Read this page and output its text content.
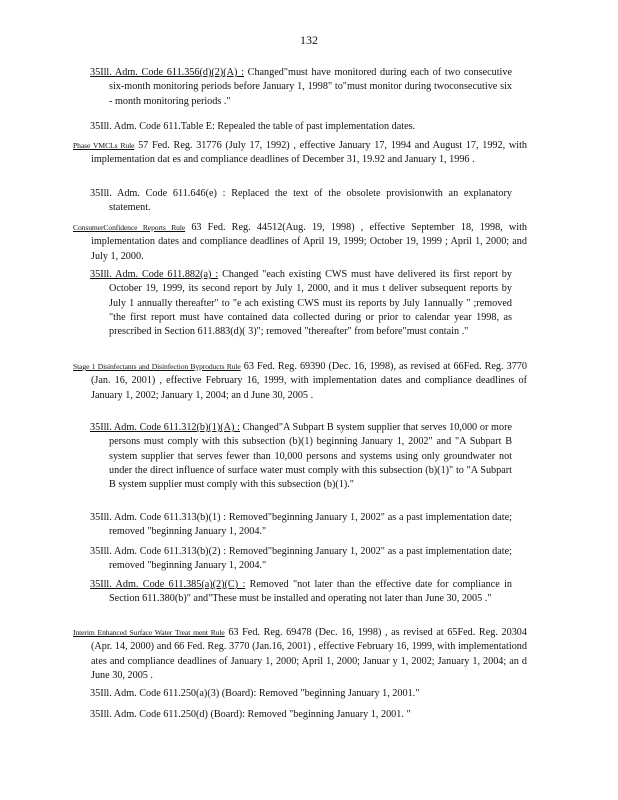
132

35Ill. Adm. Code 611.356(d)(2)(A) : Changed"must have monitored during each of two consecutive six-month monitoring periods before January 1, 1998" to"must monitor during twoconsecutive six - month monitoring periods ."

35Ill. Adm. Code 611.Table E: Repealed the table of past implementation dates.

Phase VMCLs Rule 57 Fed. Reg. 31776 (July 17, 1992) , effective January 17, 1994 and August 17, 1992, with implementation dat es and compliance deadlines of December 31, 19.92 and January 1, 1996 .

35Ill. Adm. Code 611.646(e) : Replaced the text of the obsolete provisionwith an explanatory statement.

ConsumerConfidence Reports Rule 63 Fed. Reg. 44512(Aug. 19, 1998) , effective September 18, 1998, with implementation dates and compliance deadlines of April 19, 1999; October 19, 1999 ; April 1, 2000; and July 1, 2000.

35Ill. Adm. Code 611.882(a) : Changed "each existing CWS must have delivered its first report by October 19, 1999, its second report by July 1, 2000, and it mus t deliver subsequent reports by July 1 annually thereafter" to "e ach existing CWS must its reports by July 1annually " ;removed "the first report must have contained data collected during or prior to calendar year 1998, as prescribed in Section 611.883(d)( 3)"; removed "thereafter" from before"must contain ."

Stage 1 Disinfectants and Disinfection Byproducts Rule 63 Fed. Reg. 69390 (Dec. 16, 1998), as revised at 66Fed. Reg. 3770 (Jan. 16, 2001) , effective February 16, 1999, with implementation dates and compliance deadlines of January 1, 2002; January 1, 2004; an d June 30, 2005 .

35Ill. Adm. Code 611.312(b)(1)(A) : Changed"A Subpart B system supplier that serves 10,000 or more persons must comply with this subsection (b)(1) beginning January 1, 2002" and "A Subpart B system supplier that serves fewer than 10,000 persons and systems using only groundwater not under the direct influence of surface water must comply with this subsection (b)(1)" to "A Subpart B system supplier must comply with this subsection (b)(1)."

35Ill. Adm. Code 611.313(b)(1) : Removed"beginning January 1, 2002" as a past implementation date; removed "beginning January 1, 2004."

35Ill. Adm. Code 611.313(b)(2) : Removed"beginning January 1, 2002" as a past implementation date; removed "beginning January 1, 2004."

35Ill. Adm. Code 611.385(a)(2)(C) : Removed "not later than the effective date for compliance in Section 611.380(b)" and"These must be installed and operating not later than June 30, 2005 ."

Interim Enhanced Surface Water Treat ment Rule 63 Fed. Reg. 69478 (Dec. 16, 1998) , as revised at 65Fed. Reg. 20304 (Apr. 14, 2000) and 66 Fed. Reg. 3770 (Jan.16, 2001) , effective February 16, 1999, with implementationd ates and compliance deadlines of January 1, 2000; April 1, 2000; Januar y 1, 2002; January 1, 2004; an d June 30, 2005 .

35Ill. Adm. Code 611.250(a)(3) (Board): Removed "beginning January 1, 2001."

35Ill. Adm. Code 611.250(d) (Board): Removed "beginning January 1, 2001. "
